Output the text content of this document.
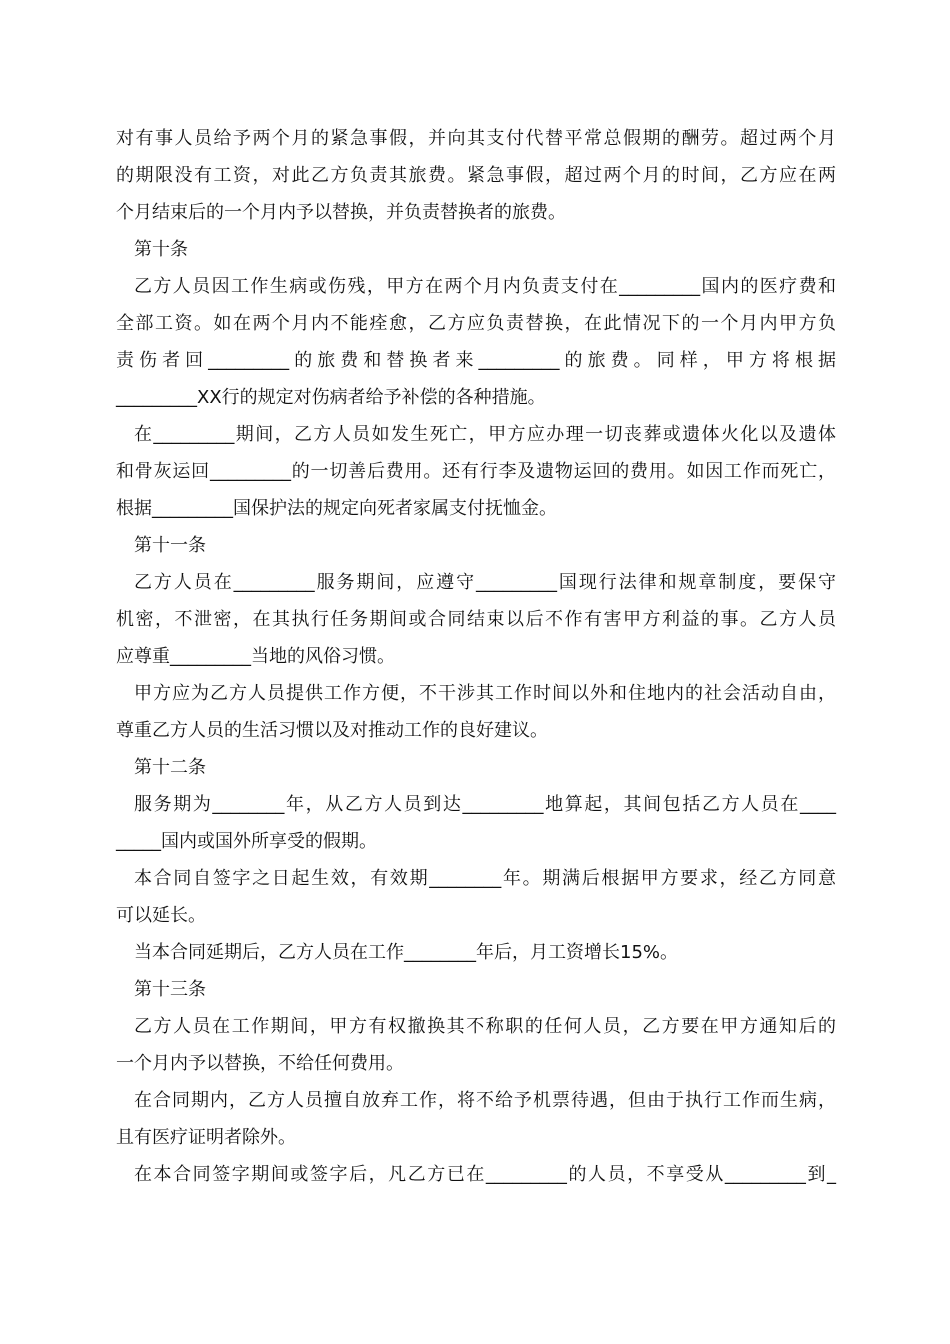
对有事人员给予两个月的紧急事假，并向其支付代替平常总假期的酬劳。超过两个月
的期限没有工资，对此乙方负责其旅费。紧急事假，超过两个月的时间，乙方应在两
个月结束后的一个月内予以替换，并负责替换者的旅费。
第十条
乙方人员因工作生病或伤残，甲方在两个月内负责支付在_________国内的医疗费和
全部工资。如在两个月内不能痊愈，乙方应负责替换，在此情况下的一个月内甲方负
责伤者回_________的旅费和替换者来_________的旅费。同样，甲方将根据
_________XX行的规定对伤病者给予补偿的各种措施。
在_________期间，乙方人员如发生死亡，甲方应办理一切丧葬或遗体火化以及遗体
和骨灰运回_________的一切善后费用。还有行李及遗物运回的费用。如因工作而死亡，
根据_________国保护法的规定向死者家属支付抚恤金。
第十一条
乙方人员在_________服务期间，应遵守_________国现行法律和规章制度，要保守
机密，不泄密，在其执行任务期间或合同结束以后不作有害甲方利益的事。乙方人员
应尊重_________当地的风俗习惯。
甲方应为乙方人员提供工作方便，不干涉其工作时间以外和住地内的社会活动自由，
尊重乙方人员的生活习惯以及对推动工作的良好建议。
第十二条
服务期为________年，从乙方人员到达_________地算起，其间包括乙方人员在____
_____国内或国外所享受的假期。
本合同自签字之日起生效，有效期________年。期满后根据甲方要求，经乙方同意
可以延长。
当本合同延期后，乙方人员在工作________年后，月工资增长15%。
第十三条
乙方人员在工作期间，甲方有权撤换其不称职的任何人员，乙方要在甲方通知后的
一个月内予以替换，不给任何费用。
在合同期内，乙方人员擅自放弃工作，将不给予机票待遇，但由于执行工作而生病，
且有医疗证明者除外。
在本合同签字期间或签字后，凡乙方已在_________的人员，不享受从_________到_
